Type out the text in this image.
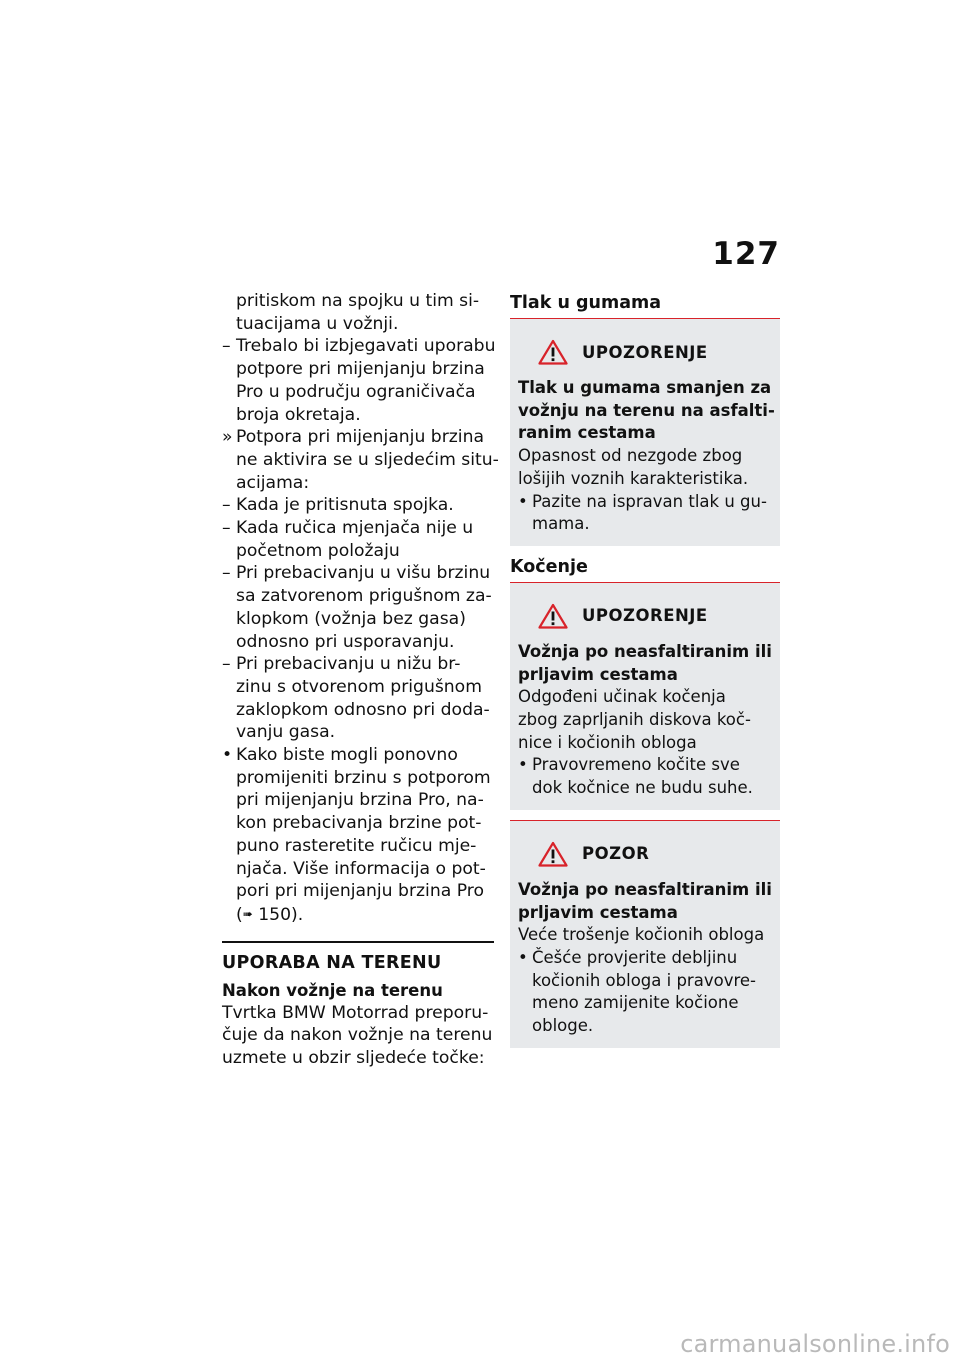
127
pritiskom na spojku u tim si-
tuacijama u vožnji.
– Trebalo bi izbjegavati uporabu
potpore pri mijenjanju brzina
Pro u području ograničivača
broja okretaja.
» Potpora pri mijenjanju brzina
ne aktivira se u sljedećim situ-
acijama:
– Kada je pritisnuta spojka.
– Kada ručica mjenjača nije u
početnom položaju
– Pri prebacivanju u višu brzinu
sa zatvorenom prigušnom za-
klopkom (vožnja bez gasa)
odnosno pri usporavanju.
– Pri prebacivanju u nižu br-
zinu s otvorenom prigušnom
zaklopkom odnosno pri doda-
vanju gasa.
• Kako biste mogli ponovno
promijeniti brzinu s potporom
pri mijenjanju brzina Pro, na-
kon prebacivanja brzine pot-
puno rasteretite ručicu mje-
njača. Više informacija o pot-
pori pri mijenjanju brzina Pro
(➠ 150).
UPORABA NA TERENU
Nakon vožnje na terenu
Tvrtka BMW Motorrad preporu-
čuje da nakon vožnje na terenu
uzmete u obzir sljedeće točke:
Tlak u gumama
UPOZORENJE
Tlak u gumama smanjen za
vožnju na terenu na asfalti-
ranim cestama
Opasnost od nezgode zbog
lošijih voznih karakteristika.
• Pazite na ispravan tlak u gu-
mama.
Kočenje
UPOZORENJE
Vožnja po neasfaltiranim ili
prljavim cestama
Odgođeni učinak kočenja
zbog zaprljanih diskova koč-
nice i kočionih obloga
• Pravovremeno kočite sve
dok kočnice ne budu suhe.
POZOR
Vožnja po neasfaltiranim ili
prljavim cestama
Veće trošenje kočionih obloga
• Češće provjerite debljinu
kočionih obloga i pravovre-
meno zamijenite kočione
obloge.
carmanualsonline.info
